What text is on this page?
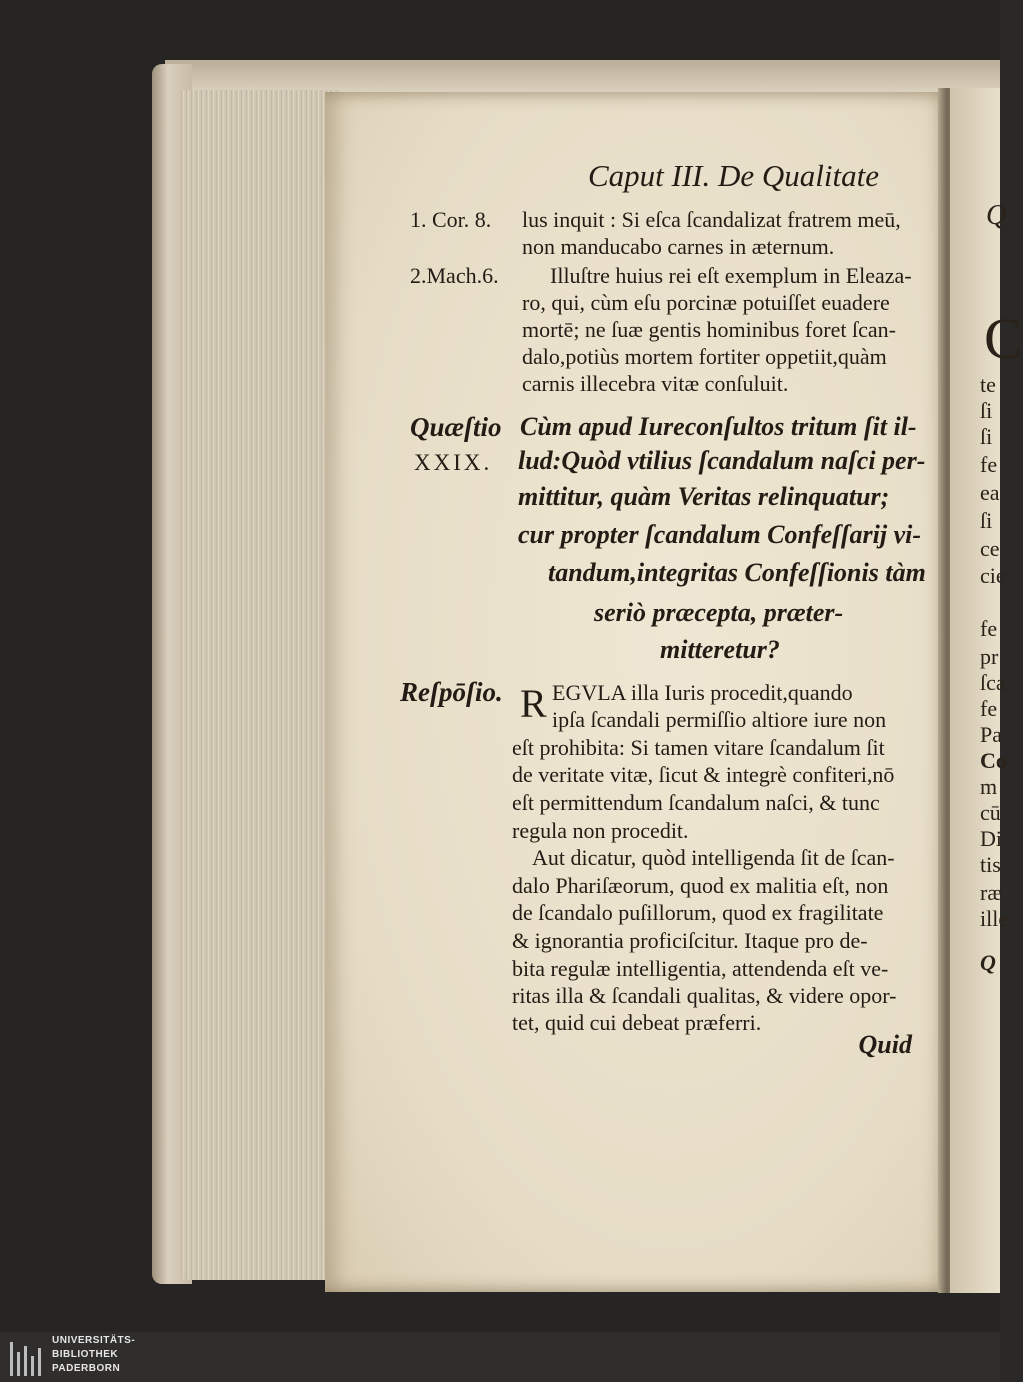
Caput III. De Qualitate
1. Cor. 8.
2.Mach.6.
lus inquit : Si eſca ſcandalizat fratrem meū,
non manducabo carnes in æternum.
Illuſtre huius rei eſt exemplum in Eleaza-
ro, qui, cùm eſu porcinæ potuiſſet euadere
mortē; ne ſuæ gentis hominibus foret ſcan-
dalo,potiùs mortem fortiter oppetiit,quàm
carnis illecebra vitæ conſuluit.
Quæſtio
XXIX.
Cùm apud Iureconſultos tritum ſit il-
lud:Quòd vtilius ſcandalum naſci per-
mittitur, quàm Veritas relinquatur;
cur propter ſcandalum Confeſſarij vi-
tandum,integritas Confeſſionis tàm
seriò præcepta, præter-
mitteretur?
Reſpōſio. R EGVLA illa Iuris procedit,quando
ipſa ſcandali permiſſio altiore iure non
eſt prohibita: Si tamen vitare ſcandalum ſit
de veritate vitæ, ſicut & integrè confiteri,nō
eſt permittendum ſcandalum naſci, & tunc
regula non procedit.
Aut dicatur, quòd intelligenda ſit de ſcan-
dalo Phariſæorum, quod ex malitia eſt, non
de ſcandalo puſillorum, quod ex fragilitate
& ignorantia proficiſcitur. Itaque pro de-
bita regulæ intelligentia, attendenda eſt ve-
ritas illa & ſcandali qualitas, & videre opor-
tet, quid cui debeat præferri.
Quid
Q
C
te
ſi
ſi
fe
ea
ſi
ce
cie
fe
pr
ſca
fe
Pa
Co
m
cū
Di
tis
ræ
ille
Q
UNIVERSITÄTS-
BIBLIOTHEK
PADERBORN
